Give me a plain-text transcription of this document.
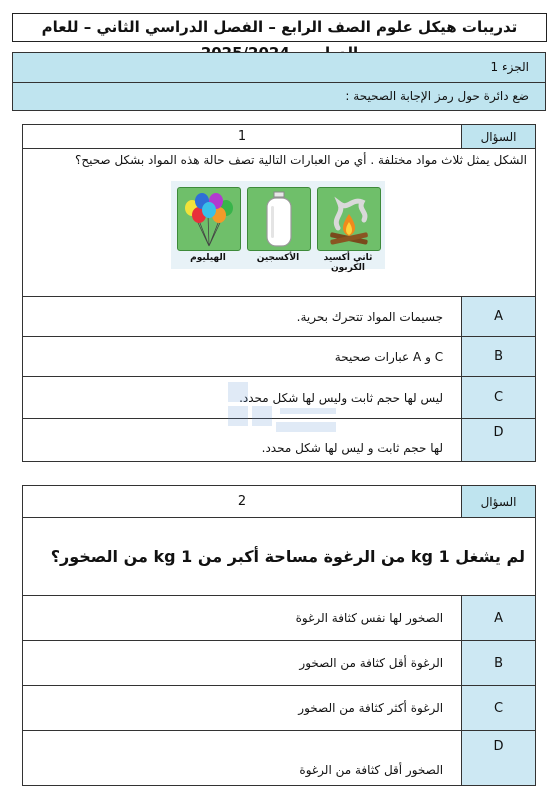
تدريبات هيكل علوم الصف الرابع – الفصل الدراسي الثاني – للعام
الجزء 1
ضع دائرة حول رمز الإجابة الصحيحة :
1	السؤال

الشكل يمثل ثلاث مواد مختلفة . أي من العبارات التالية تصف حالة هذه المواد بشكل صحيح؟
ثاني أكسيد الكربون
الأكسجين
الهيليوم	

جسيمات المواد تتحرك بحرية.	A
C و A عبارات صحيحة	B
ليس لها حجم ثابت وليس لها شكل محدد.	C
لها حجم ثابت و ليس لها شكل محدد.	D
2	السؤال
لم يشغل 1 kg من الرغوة مساحة أكبر من 1 kg من الصخور؟	
الصخور لها نفس كثافة الرغوة	A
الرغوة أقل كثافة من الصخور	B
الرغوة أكثر كثافة من الصخور	C
الصخور أقل كثافة من الرغوة	D
